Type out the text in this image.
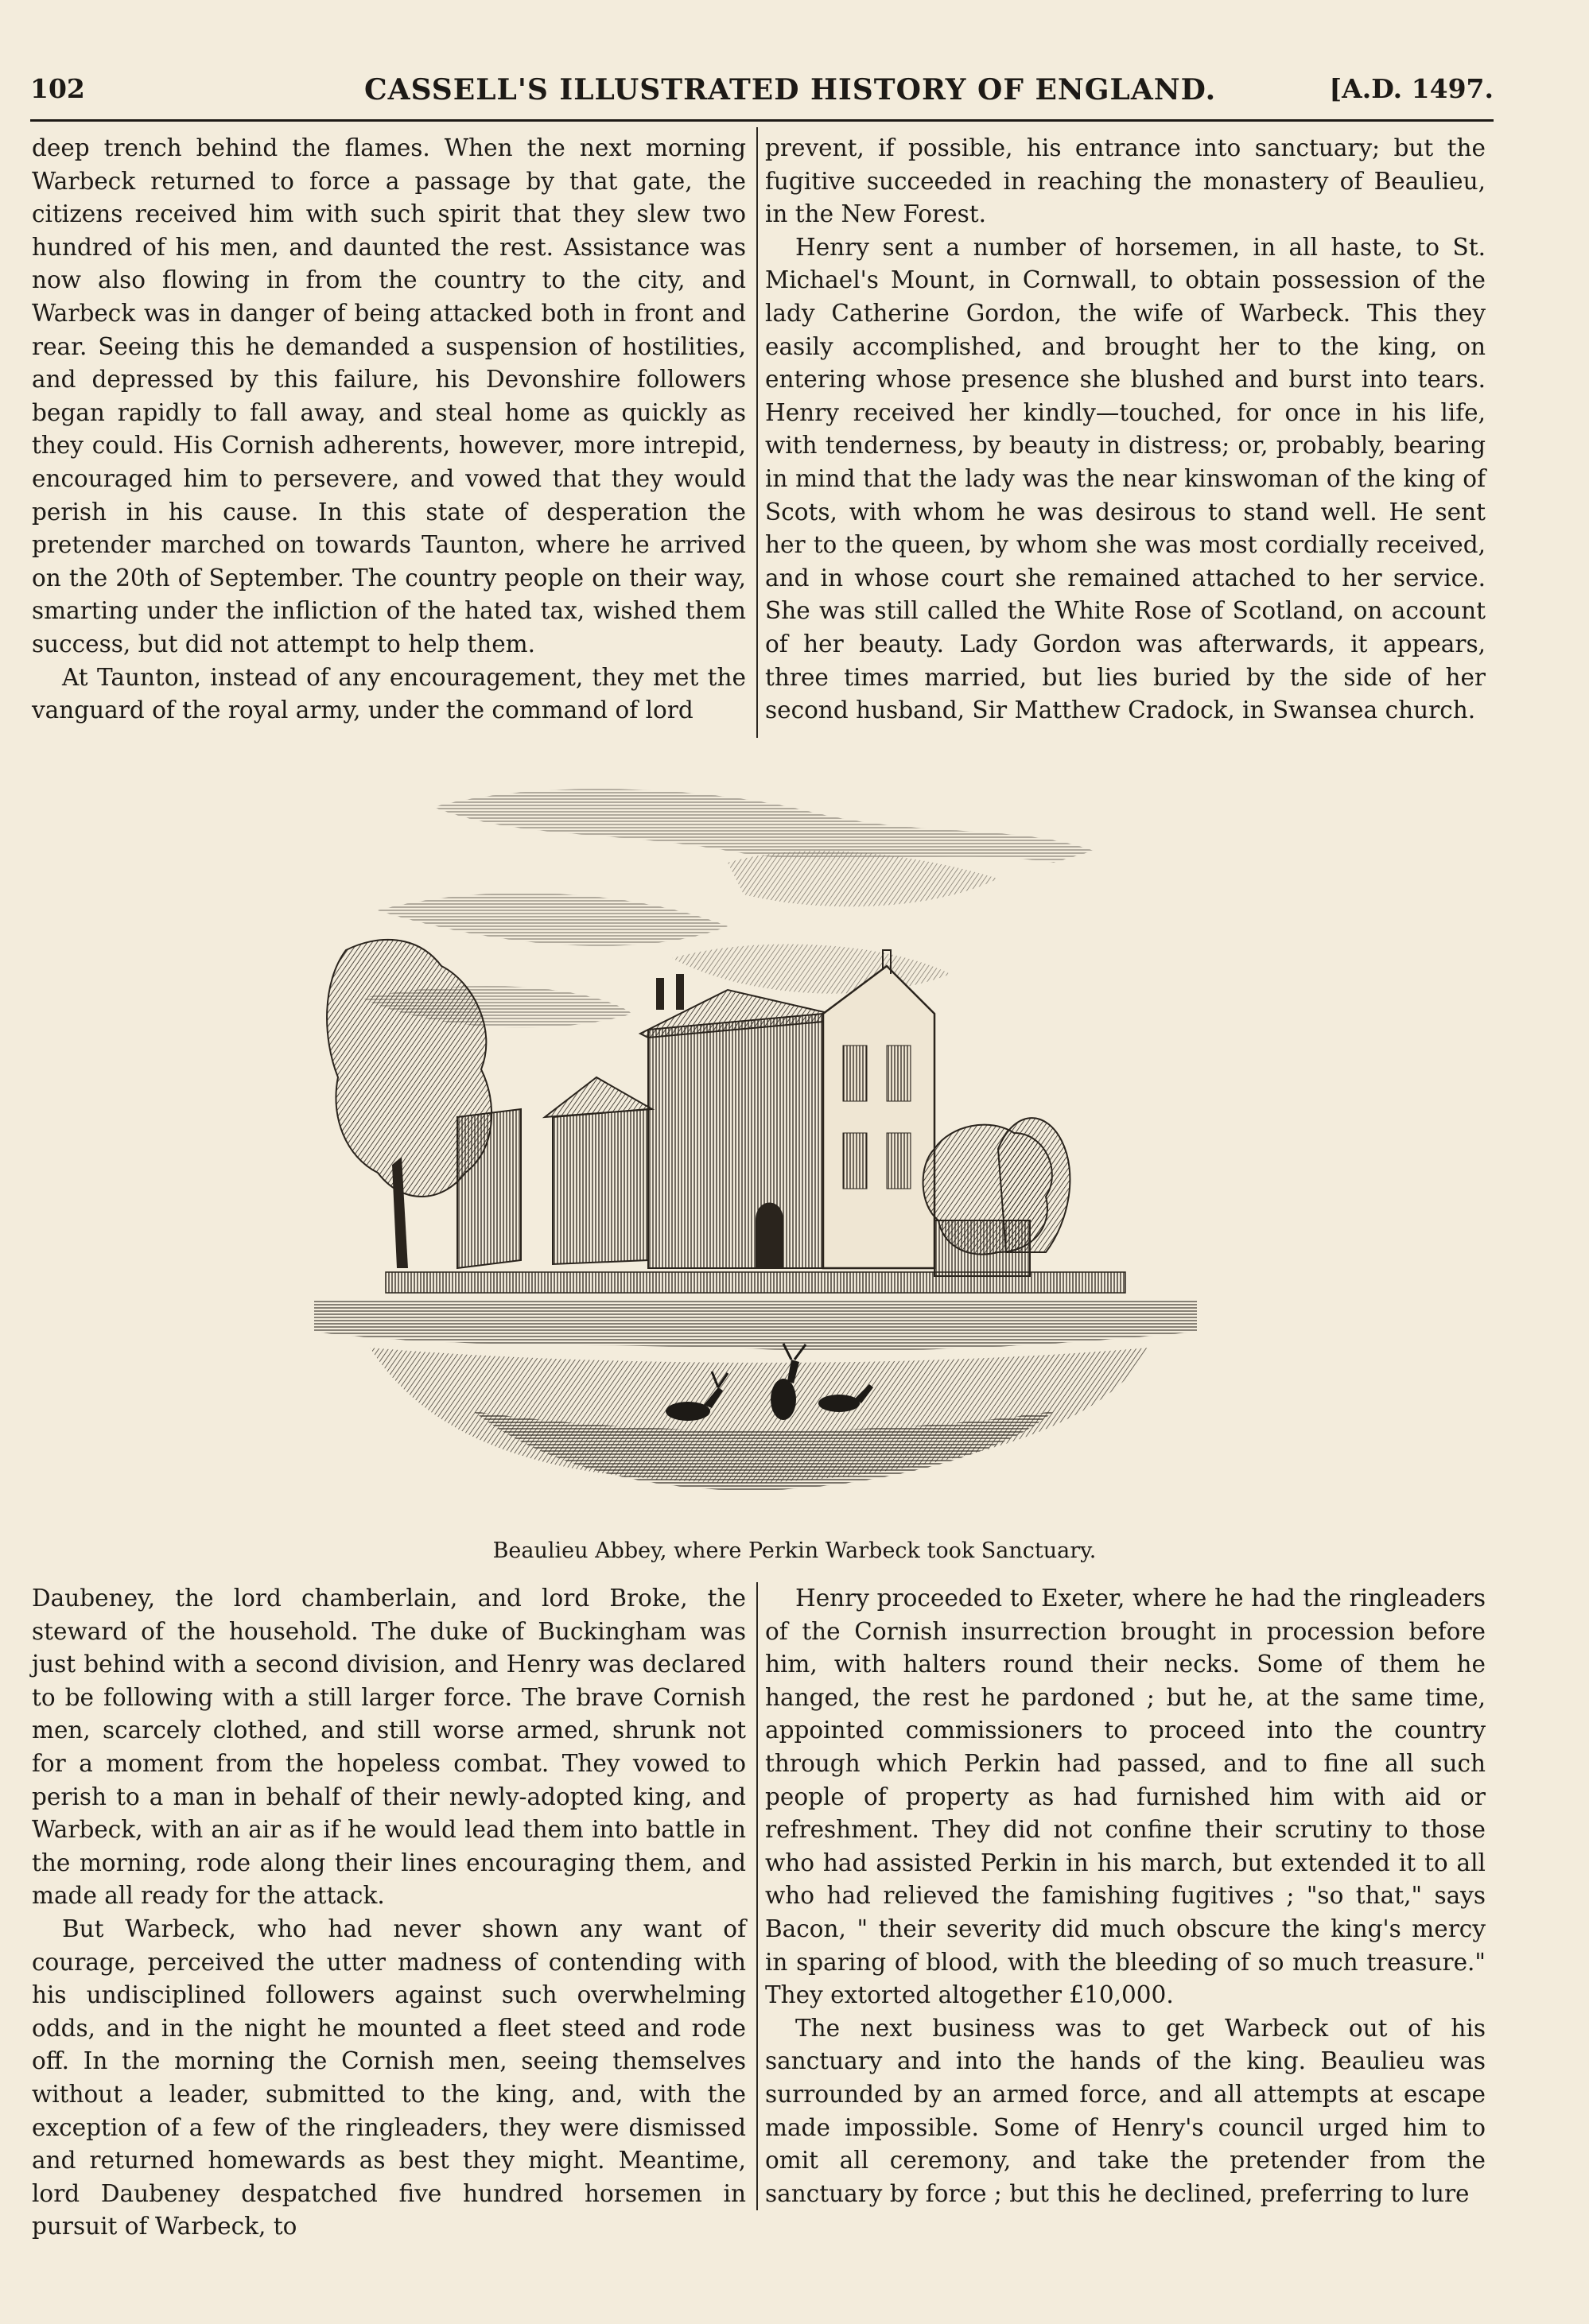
102	CASSELL'S ILLUSTRATED HISTORY OF ENGLAND.	[A.D. 1497.

deep trench behind the flames. When the next morning Warbeck returned to force a passage by that gate, the citizens received him with such spirit that they slew two hundred of his men, and daunted the rest. Assistance was now also flowing in from the country to the city, and Warbeck was in danger of being attacked both in front and rear. Seeing this he demanded a suspension of hostilities, and depressed by this failure, his Devonshire followers began rapidly to fall away, and steal home as quickly as they could. His Cornish adherents, however, more intrepid, encouraged him to persevere, and vowed that they would perish in his cause. In this state of desperation the pretender marched on towards Taunton, where he arrived on the 20th of September. The country people on their way, smarting under the infliction of the hated tax, wished them success, but did not attempt to help them.

At Taunton, instead of any encouragement, they met the vanguard of the royal army, under the command of lord

prevent, if possible, his entrance into sanctuary; but the fugitive succeeded in reaching the monastery of Beaulieu, in the New Forest.

Henry sent a number of horsemen, in all haste, to St. Michael's Mount, in Cornwall, to obtain possession of the lady Catherine Gordon, the wife of Warbeck. This they easily accomplished, and brought her to the king, on entering whose presence she blushed and burst into tears. Henry received her kindly—touched, for once in his life, with tenderness, by beauty in distress; or, probably, bearing in mind that the lady was the near kinswoman of the king of Scots, with whom he was desirous to stand well. He sent her to the queen, by whom she was most cordially received, and in whose court she remained attached to her service. She was still called the White Rose of Scotland, on account of her beauty. Lady Gordon was afterwards, it appears, three times married, but lies buried by the side of her second husband, Sir Matthew Cradock, in Swansea church.

Beaulieu Abbey, where Perkin Warbeck took Sanctuary.

Daubeney, the lord chamberlain, and lord Broke, the steward of the household. The duke of Buckingham was just behind with a second division, and Henry was declared to be following with a still larger force. The brave Cornish men, scarcely clothed, and still worse armed, shrunk not for a moment from the hopeless combat. They vowed to perish to a man in behalf of their newly-adopted king, and Warbeck, with an air as if he would lead them into battle in the morning, rode along their lines encouraging them, and made all ready for the attack.

But Warbeck, who had never shown any want of courage, perceived the utter madness of contending with his undisciplined followers against such overwhelming odds, and in the night he mounted a fleet steed and rode off. In the morning the Cornish men, seeing themselves without a leader, submitted to the king, and, with the exception of a few of the ringleaders, they were dismissed and returned homewards as best they might. Meantime, lord Daubeney despatched five hundred horsemen in pursuit of Warbeck, to

Henry proceeded to Exeter, where he had the ringleaders of the Cornish insurrection brought in procession before him, with halters round their necks. Some of them he hanged, the rest he pardoned ; but he, at the same time, appointed commissioners to proceed into the country through which Perkin had passed, and to fine all such people of property as had furnished him with aid or refreshment. They did not confine their scrutiny to those who had assisted Perkin in his march, but extended it to all who had relieved the famishing fugitives ; "so that," says Bacon, " their severity did much obscure the king's mercy in sparing of blood, with the bleeding of so much treasure." They extorted altogether £10,000.

The next business was to get Warbeck out of his sanctuary and into the hands of the king. Beaulieu was surrounded by an armed force, and all attempts at escape made impossible. Some of Henry's council urged him to omit all ceremony, and take the pretender from the sanctuary by force ; but this he declined, preferring to lure
